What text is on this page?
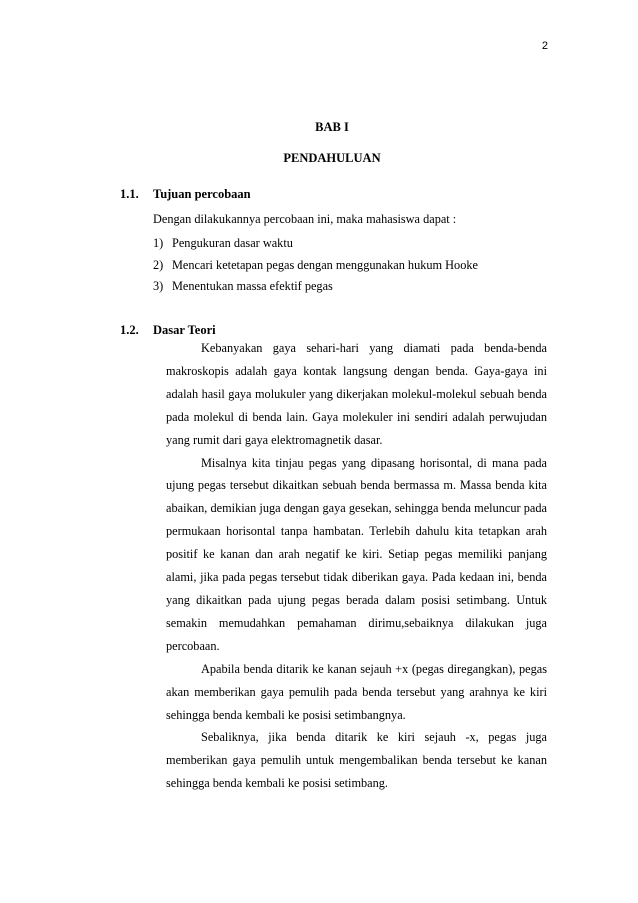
2
BAB I
PENDAHULUAN
1.1. Tujuan percobaan
Dengan dilakukannya percobaan ini, maka mahasiswa dapat :
1) Pengukuran dasar waktu
2) Mencari ketetapan pegas dengan menggunakan hukum Hooke
3) Menentukan massa efektif pegas
1.2. Dasar Teori

Kebanyakan gaya sehari-hari yang diamati pada benda-benda makroskopis adalah gaya kontak langsung dengan benda. Gaya-gaya ini adalah hasil gaya molukuler yang dikerjakan molekul-molekul sebuah benda pada molekul di benda lain. Gaya molekuler ini sendiri adalah perwujudan yang rumit dari gaya elektromagnetik dasar.

Misalnya kita tinjau pegas yang dipasang horisontal, di mana pada ujung pegas tersebut dikaitkan sebuah benda bermassa m. Massa benda kita abaikan, demikian juga dengan gaya gesekan, sehingga benda meluncur pada permukaan horisontal tanpa hambatan. Terlebih dahulu kita tetapkan arah positif ke kanan dan arah negatif ke kiri. Setiap pegas memiliki panjang alami, jika pada pegas tersebut tidak diberikan gaya. Pada kedaan ini, benda yang dikaitkan pada ujung pegas berada dalam posisi setimbang. Untuk semakin memudahkan pemahaman dirimu,sebaiknya dilakukan juga percobaan.

Apabila benda ditarik ke kanan sejauh +x (pegas diregangkan), pegas akan memberikan gaya pemulih pada benda tersebut yang arahnya ke kiri sehingga benda kembali ke posisi setimbangnya.

Sebaliknya, jika benda ditarik ke kiri sejauh -x, pegas juga memberikan gaya pemulih untuk mengembalikan benda tersebut ke kanan sehingga benda kembali ke posisi setimbang.
